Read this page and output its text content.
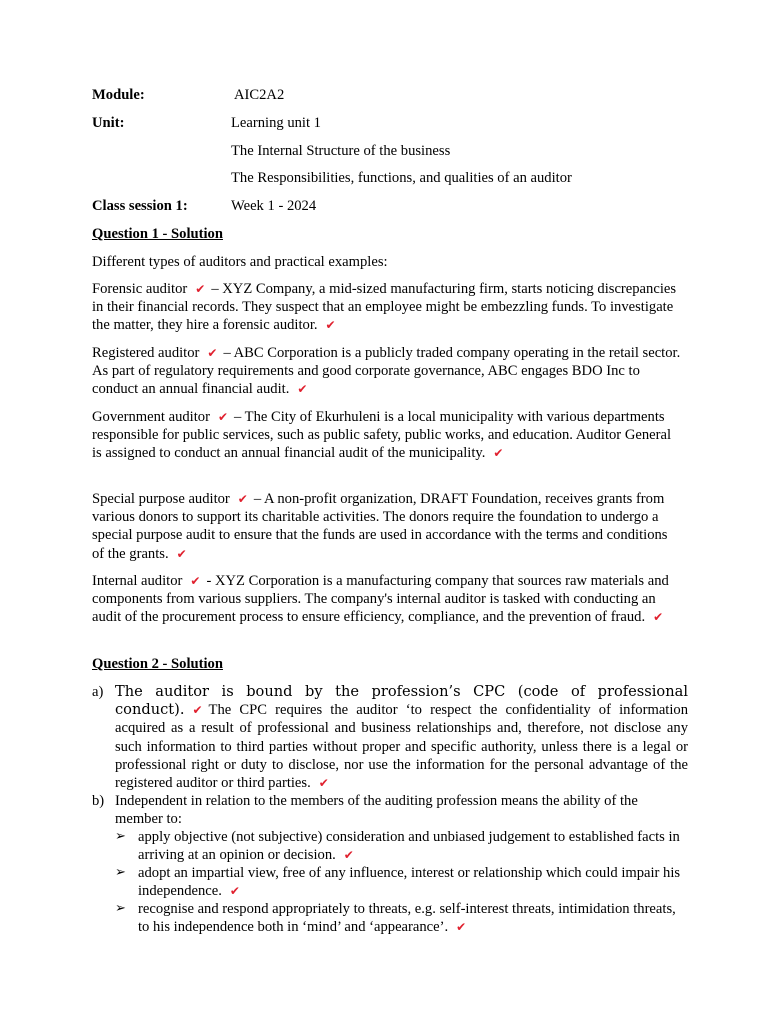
Module:	AIC2A2
Unit:	Learning unit 1
The Internal Structure of the business
The Responsibilities, functions, and qualities of an auditor
Class session 1:	Week 1 - 2024
Question 1 - Solution
Different types of auditors and practical examples:
Forensic auditor ✔ – XYZ Company, a mid-sized manufacturing firm, starts noticing discrepancies in their financial records. They suspect that an employee might be embezzling funds. To investigate the matter, they hire a forensic auditor. ✔
Registered auditor ✔ – ABC Corporation is a publicly traded company operating in the retail sector. As part of regulatory requirements and good corporate governance, ABC engages BDO Inc to conduct an annual financial audit. ✔
Government auditor ✔ – The City of Ekurhuleni is a local municipality with various departments responsible for public services, such as public safety, public works, and education. Auditor General is assigned to conduct an annual financial audit of the municipality. ✔
Special purpose auditor ✔ – A non-profit organization, DRAFT Foundation, receives grants from various donors to support its charitable activities. The donors require the foundation to undergo a special purpose audit to ensure that the funds are used in accordance with the terms and conditions of the grants. ✔
Internal auditor ✔ - XYZ Corporation is a manufacturing company that sources raw materials and components from various suppliers. The company's internal auditor is tasked with conducting an audit of the procurement process to ensure efficiency, compliance, and the prevention of fraud. ✔
Question 2 - Solution
a) The auditor is bound by the profession’s CPC (code of professional conduct). ✔ The CPC requires the auditor ‘to respect the confidentiality of information acquired as a result of professional and business relationships and, therefore, not disclose any such information to third parties without proper and specific authority, unless there is a legal or professional right or duty to disclose, nor use the information for the personal advantage of the registered auditor or third parties. ✔
b) Independent in relation to the members of the auditing profession means the ability of the member to:
➢ apply objective (not subjective) consideration and unbiased judgement to established facts in arriving at an opinion or decision. ✔
➢ adopt an impartial view, free of any influence, interest or relationship which could impair his independence. ✔
➢ recognise and respond appropriately to threats, e.g. self-interest threats, intimidation threats, to his independence both in ‘mind’ and ‘appearance’. ✔
